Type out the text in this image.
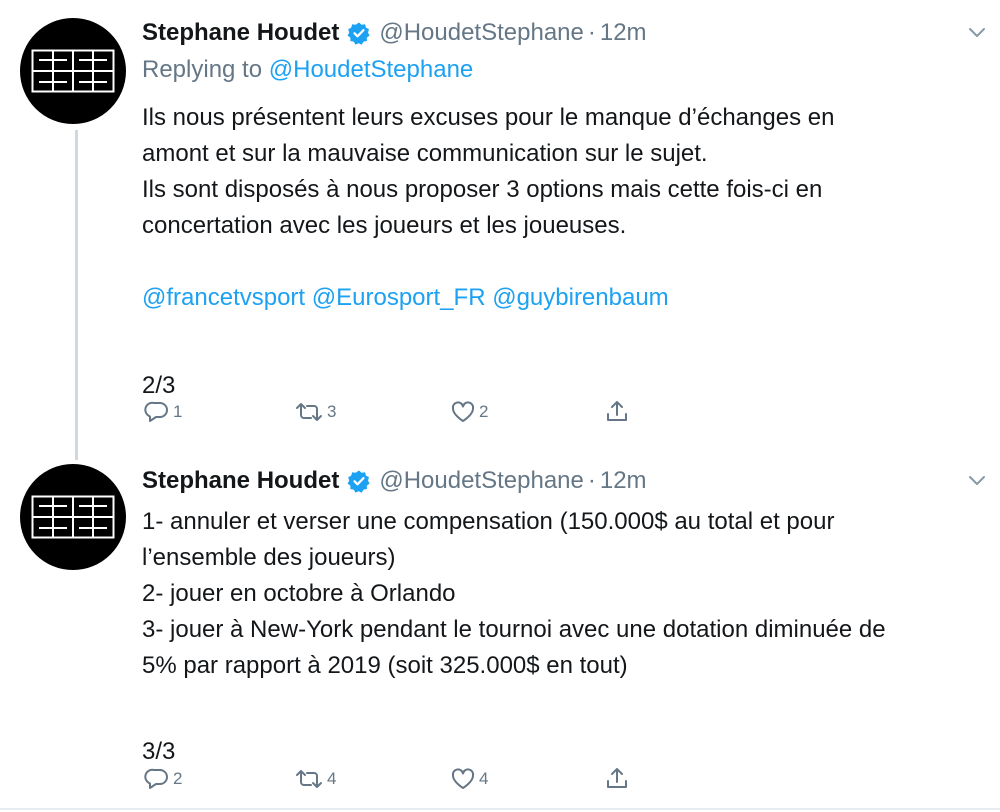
Stephane Houdet @HoudetStephane · 12m
Replying to @HoudetStephane
Ils nous présentent leurs excuses pour le manque d’échanges en
amont et sur la mauvaise communication sur le sujet.
Ils sont disposés à nous proposer 3 options mais cette fois-ci en
concertation avec les joueurs et les joueuses.
@francetvsport @Eurosport_FR @guybirenbaum
2/3
1	3	2
Stephane Houdet @HoudetStephane · 12m
1- annuler et verser une compensation (150.000$ au total et pour
l’ensemble des joueurs)
2- jouer en octobre à Orlando
3- jouer à New-York pendant le tournoi avec une dotation diminuée de
5% par rapport à 2019 (soit 325.000$ en tout)
3/3
2	4	4
